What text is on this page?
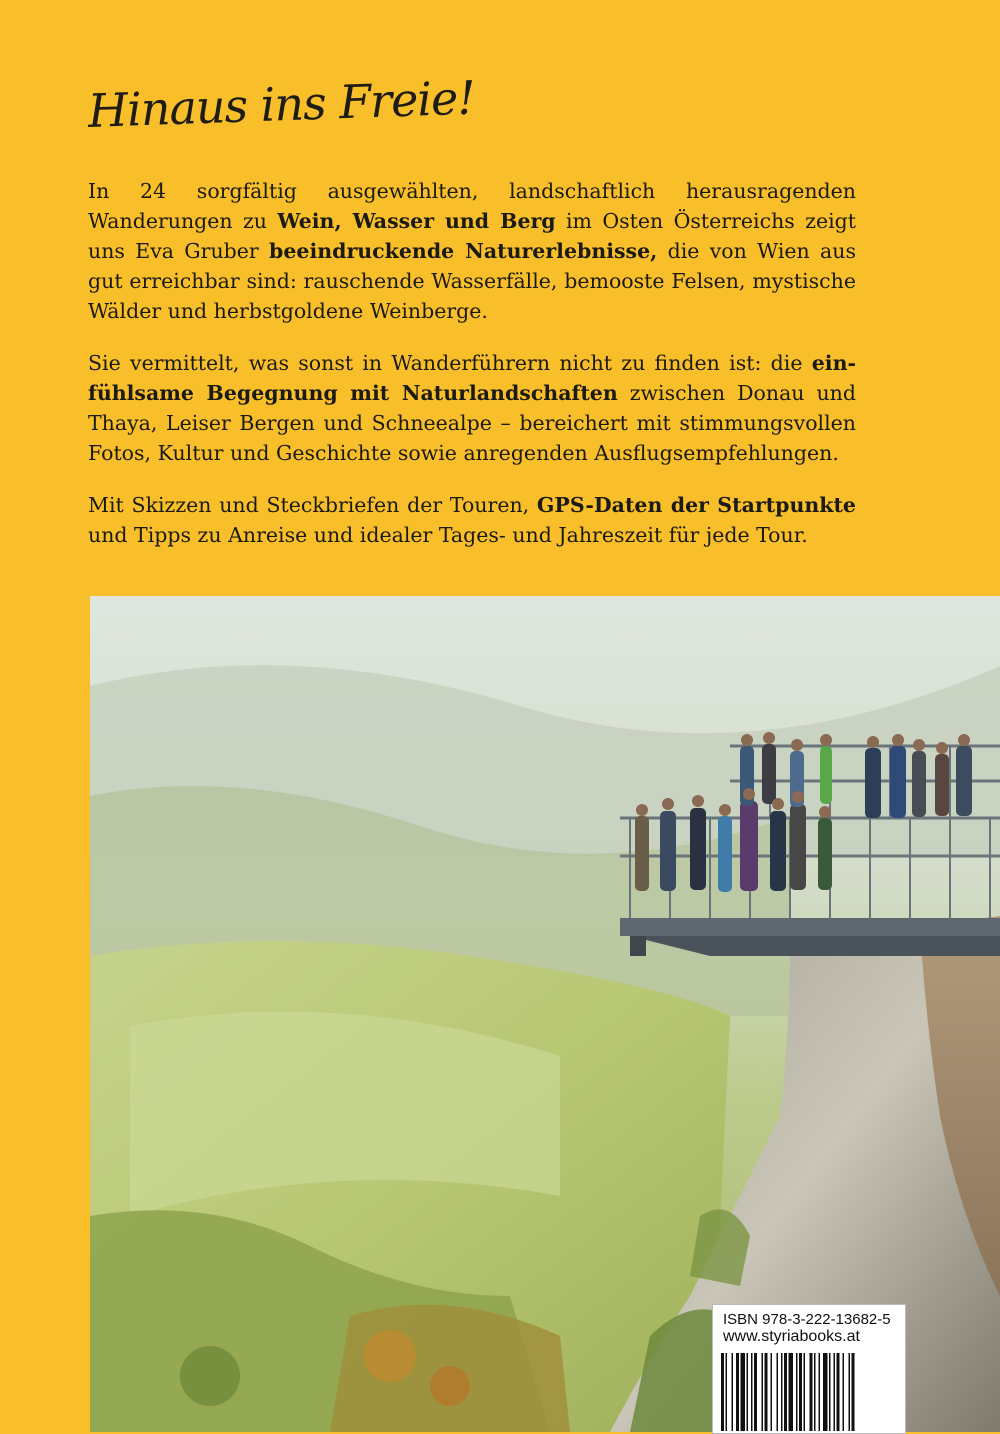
Hinaus ins Freie!

In 24 sorgfältig ausgewählten, landschaftlich herausragenden Wanderungen zu Wein, Wasser und Berg im Osten Österreichs zeigt uns Eva Gruber beeindruckende Naturerlebnisse, die von Wien aus gut erreichbar sind: rauschende Wasserfälle, bemooste Felsen, mystische Wälder und herbstgoldene Weinberge.

Sie vermittelt, was sonst in Wanderführern nicht zu finden ist: die einfühlsame Begegnung mit Naturlandschaften zwischen Donau und Thaya, Leiser Bergen und Schneealpe – bereichert mit stimmungsvollen Fotos, Kultur und Geschichte sowie anregenden Ausflugsempfehlungen.

Mit Skizzen und Steckbriefen der Touren, GPS-Daten der Startpunkte und Tipps zu Anreise und idealer Tages- und Jahreszeit für jede Tour.

ISBN 978-3-222-13682-5
www.styriabooks.at
